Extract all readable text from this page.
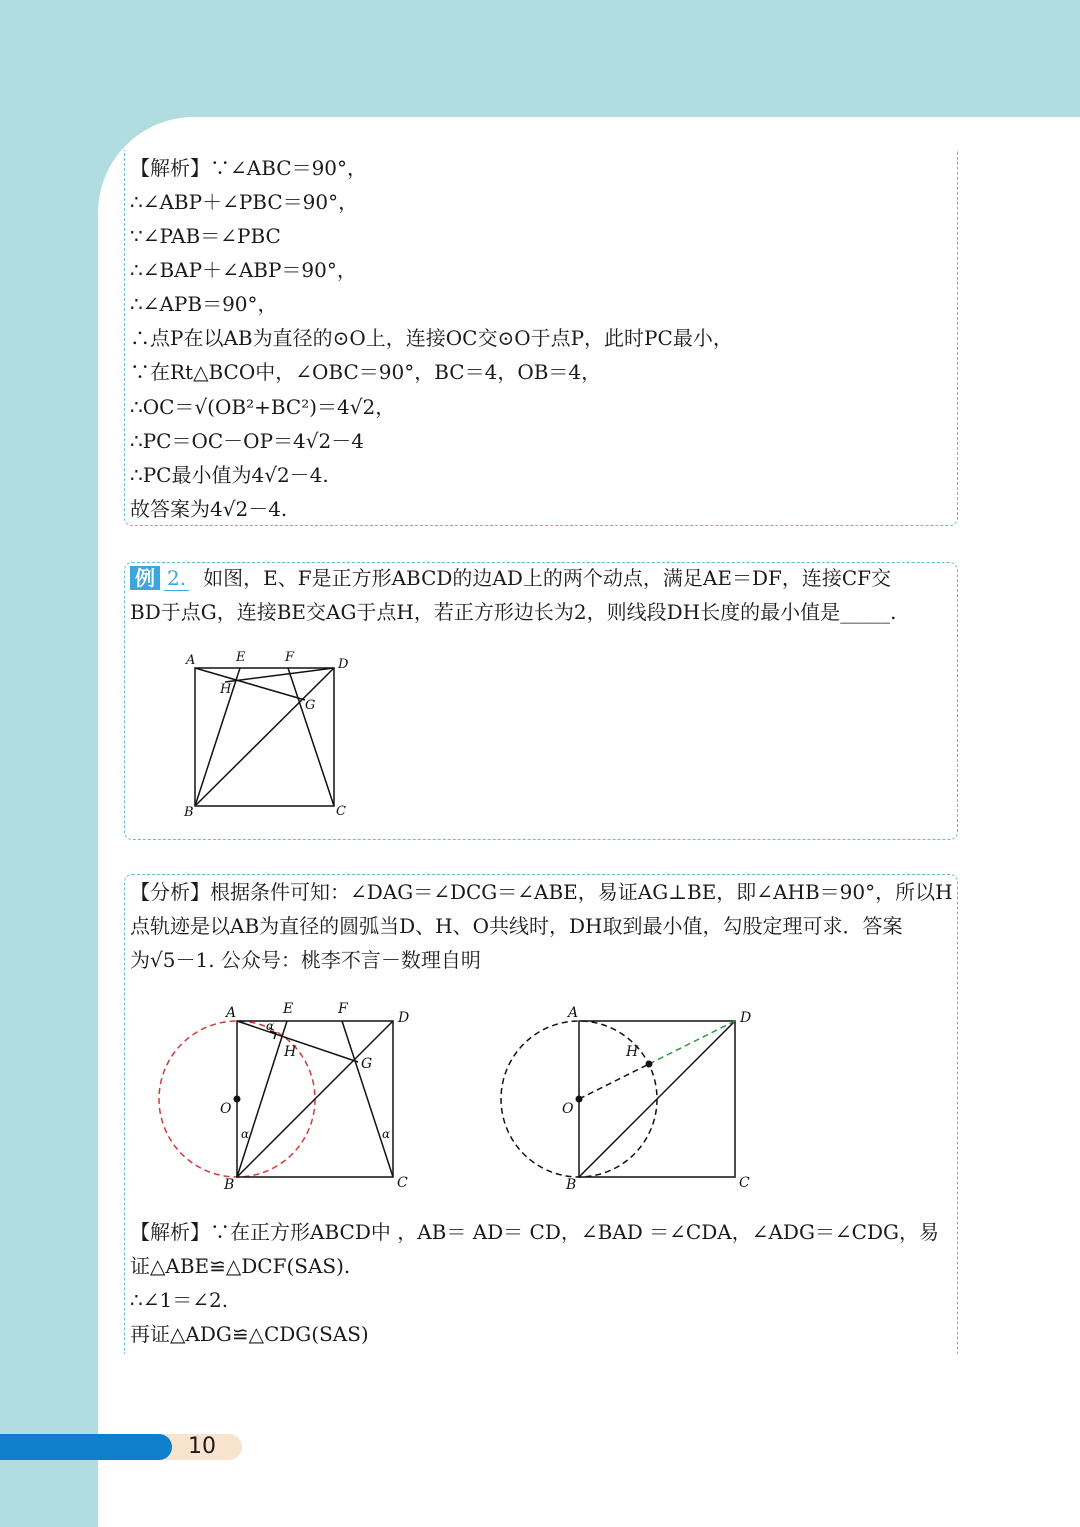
【解析】∵∠ABC＝90°，
∴∠ABP＋∠PBC＝90°，
∵∠PAB＝∠PBC
∴∠BAP＋∠ABP＝90°，
∴∠APB＝90°，
∴点P在以AB为直径的⊙O上，连接OC交⊙O于点P，此时PC最小，
∵在Rt△BCO中，∠OBC＝90°，BC＝4，OB＝4，
∴OC＝√(OB²+BC²)＝4√2，
∴PC＝OC－OP＝4√2－4
∴PC最小值为4√2－4.
故答案为4√2－4.
例 2. 如图，E、F是正方形ABCD的边AD上的两个动点，满足AE＝DF，连接CF交
BD于点G，连接BE交AG于点H，若正方形边长为2，则线段DH长度的最小值是_____.
A	E	F	D
H
G
B	C
【分析】根据条件可知：∠DAG＝∠DCG＝∠ABE，易证AG⊥BE，即∠AHB＝90°，所以H
点轨迹是以AB为直径的圆弧当D、H、O共线时，DH取到最小值，勾股定理可求．答案
为√5－1. 公众号：桃李不言－数理自明
A	E	F
D
H
G
O
B	C
α
α	α
A	D
H
O
B	C
【解析】∵在正方形ABCD中 ，AB＝ AD＝ CD，∠BAD ＝∠CDA，∠ADG＝∠CDG，易
证△ABE≌△DCF(SAS).
∴∠1＝∠2.
再证△ADG≌△CDG(SAS)
10
